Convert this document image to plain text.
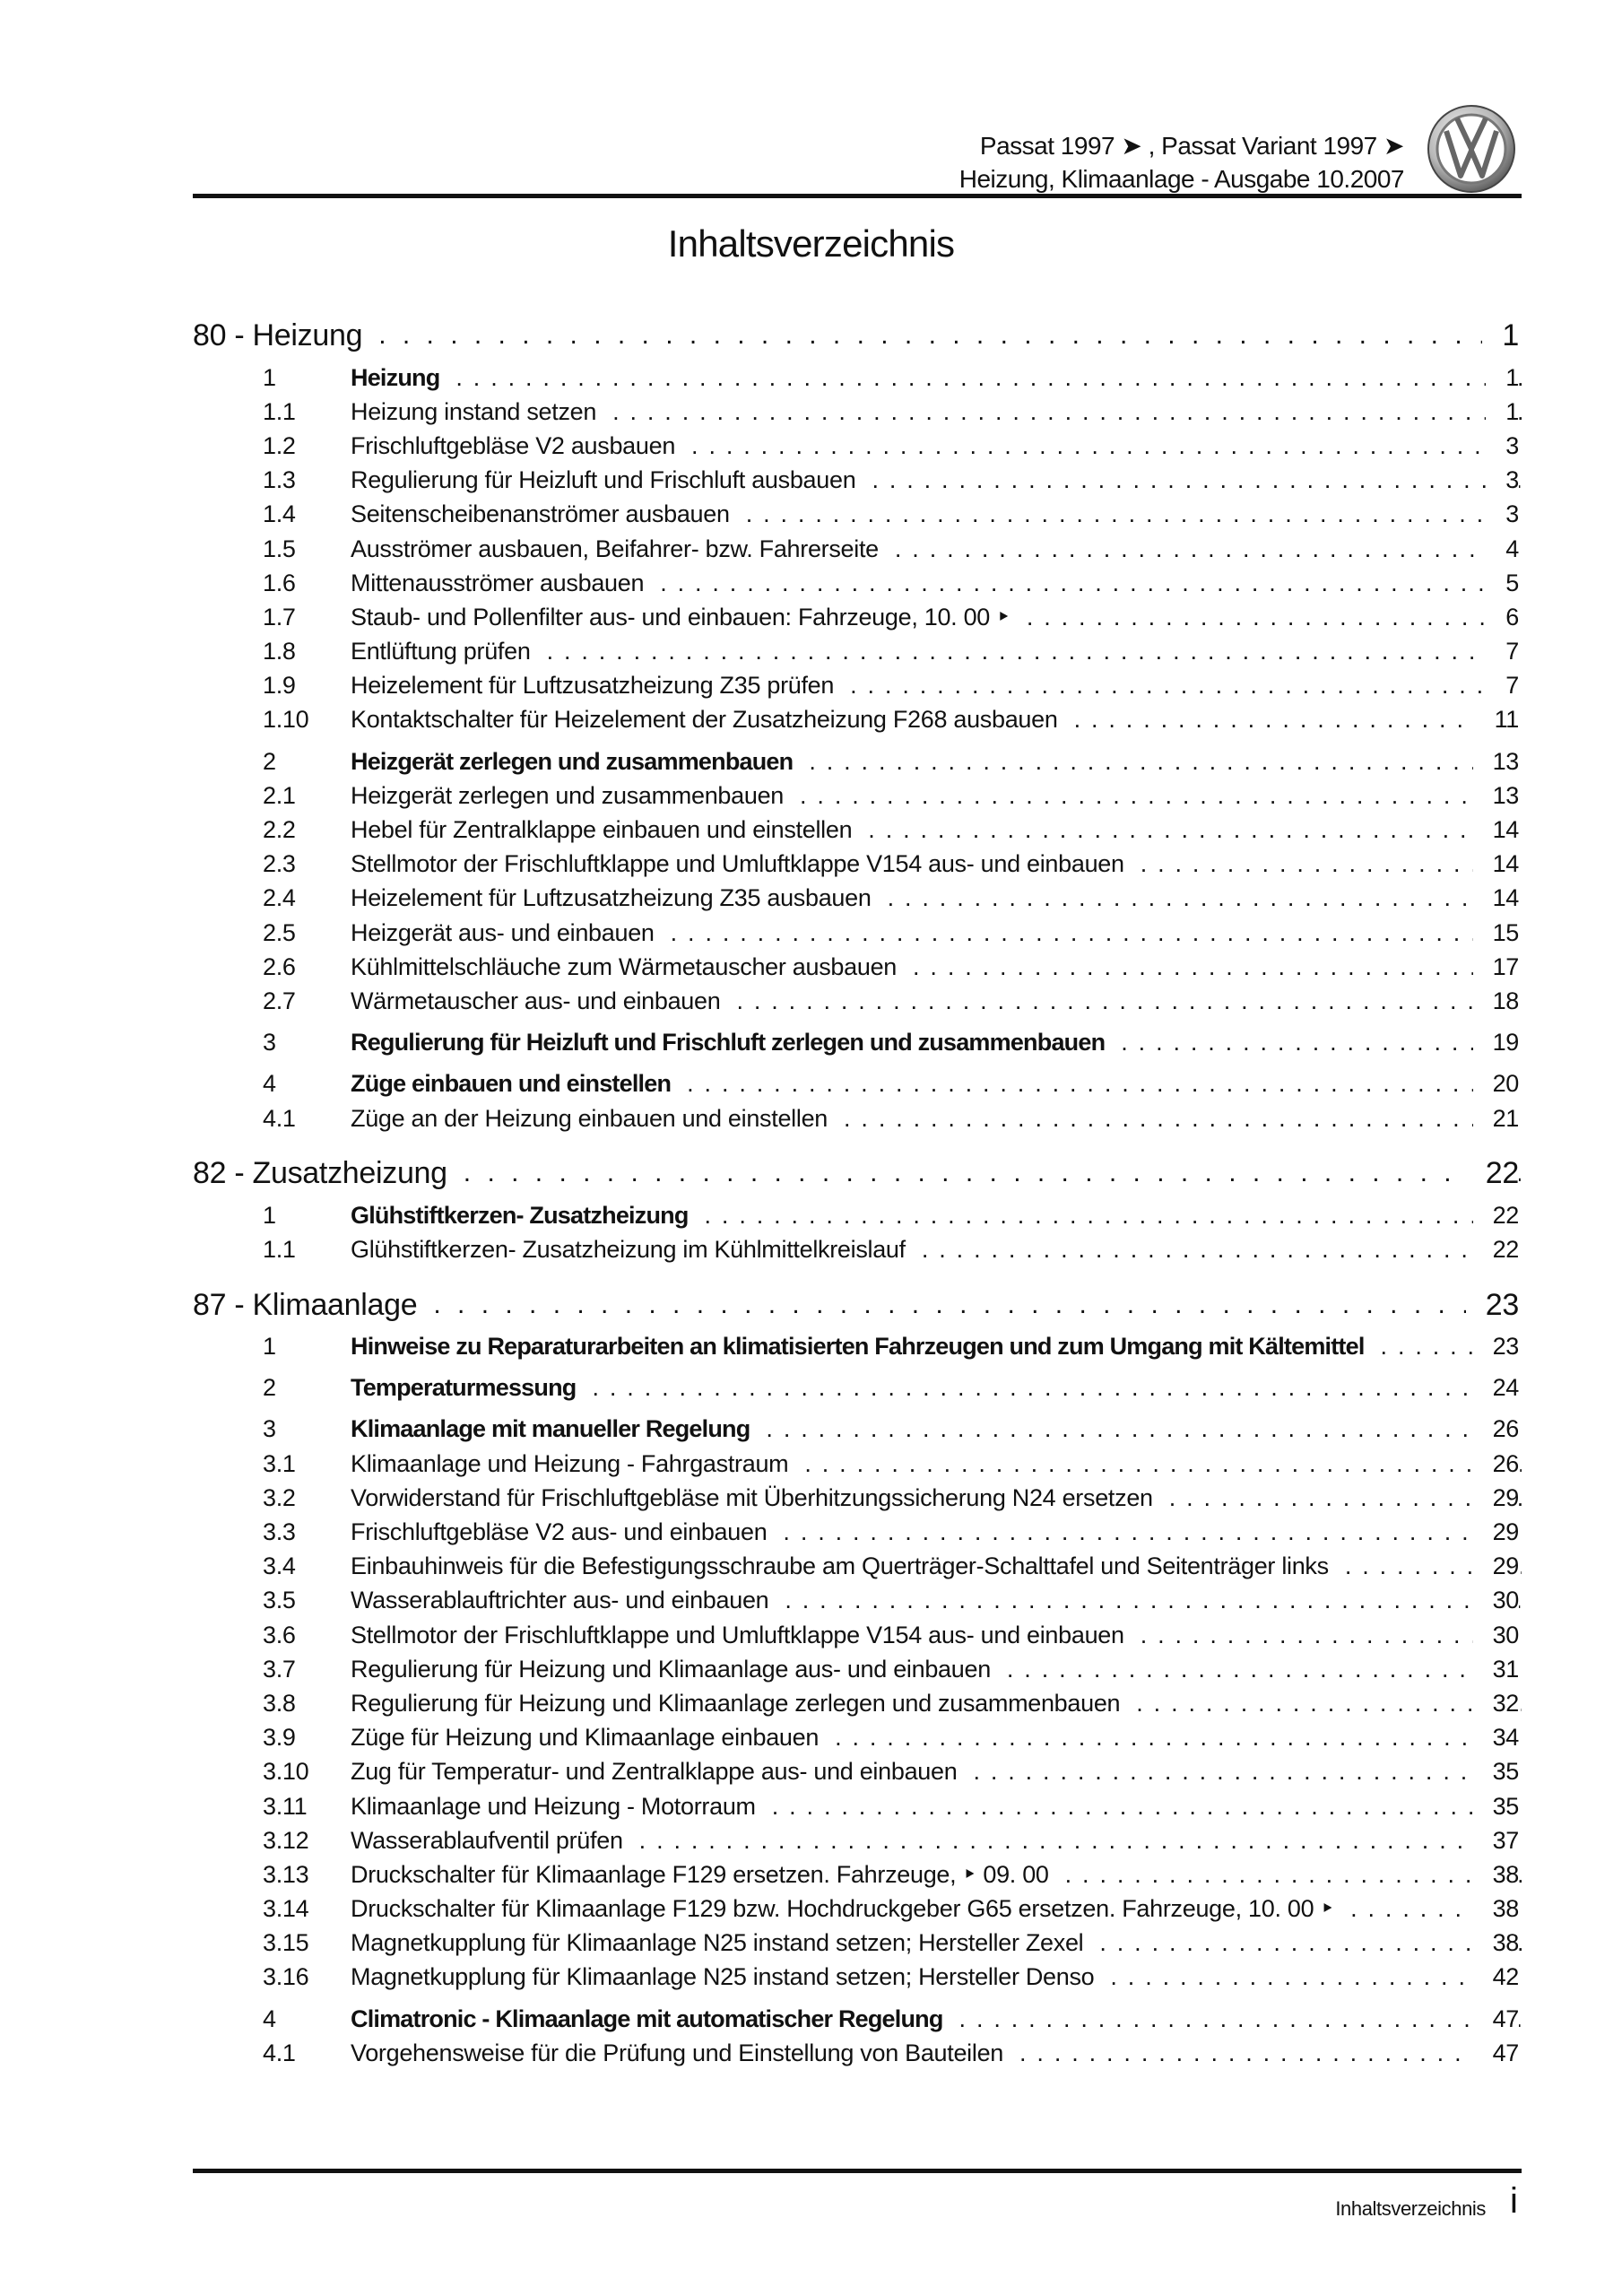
Passat 1997 ➤ , Passat Variant 1997 ➤
Heizung, Klimaanlage - Ausgabe 10.2007
Inhaltsverzeichnis
80 - Heizung . . .	1
1	Heizung . . .	1
1.1 Heizung instand setzen . . .	1
1.2 Frischluftgebläse V2 ausbauen . . .	3
1.3 Regulierung für Heizluft und Frischluft ausbauen . . .	3
1.4 Seitenscheibenanströmer ausbauen . . .	3
1.5 Ausströmer ausbauen, Beifahrer- bzw. Fahrerseite . . .	4
1.6 Mittenausströmer ausbauen . . .	5
1.7 Staub- und Pollenfilter aus- und einbauen: Fahrzeuge, 10. 00 ‣ . . .	6
1.8 Entlüftung prüfen . . .	7
1.9 Heizelement für Luftzusatzheizung Z35 prüfen . . .	7
1.10 Kontaktschalter für Heizelement der Zusatzheizung F268 ausbauen . . .	11
2	Heizgerät zerlegen und zusammenbauen . . .	13
2.1 Heizgerät zerlegen und zusammenbauen . . .	13
2.2 Hebel für Zentralklappe einbauen und einstellen . . .	14
2.3 Stellmotor der Frischluftklappe und Umluftklappe V154 aus- und einbauen . . .	14
2.4 Heizelement für Luftzusatzheizung Z35 ausbauen . . .	14
2.5 Heizgerät aus- und einbauen . . .	15
2.6 Kühlmittelschläuche zum Wärmetauscher ausbauen . . .	17
2.7 Wärmetauscher aus- und einbauen . . .	18
3	Regulierung für Heizluft und Frischluft zerlegen und zusammenbauen . . .	19
4	Züge einbauen und einstellen . . .	20
4.1 Züge an der Heizung einbauen und einstellen . . .	21
82 - Zusatzheizung . . .	22
1	Glühstiftkerzen- Zusatzheizung . . .	22
1.1 Glühstiftkerzen- Zusatzheizung im Kühlmittelkreislauf . . .	22
87 - Klimaanlage . . .	23
1	Hinweise zu Reparaturarbeiten an klimatisierten Fahrzeugen und zum Umgang mit Kältemittel . . .	23
2	Temperaturmessung . . .	24
3	Klimaanlage mit manueller Regelung . . .	26
3.1 Klimaanlage und Heizung - Fahrgastraum . . .	26
3.2 Vorwiderstand für Frischluftgebläse mit Überhitzungssicherung N24 ersetzen . . .	29
3.3 Frischluftgebläse V2 aus- und einbauen . . .	29
3.4 Einbauhinweis für die Befestigungsschraube am Querträger-Schalttafel und Seitenträger links . . .	29
3.5 Wasserablauftrichter aus- und einbauen . . .	30
3.6 Stellmotor der Frischluftklappe und Umluftklappe V154 aus- und einbauen . . .	30
3.7 Regulierung für Heizung und Klimaanlage aus- und einbauen . . .	31
3.8 Regulierung für Heizung und Klimaanlage zerlegen und zusammenbauen . . .	32
3.9 Züge für Heizung und Klimaanlage einbauen . . .	34
3.10 Zug für Temperatur- und Zentralklappe aus- und einbauen . . .	35
3.11 Klimaanlage und Heizung - Motorraum . . .	35
3.12 Wasserablaufventil prüfen . . .	37
3.13 Druckschalter für Klimaanlage F129 ersetzen. Fahrzeuge, ‣ 09. 00 . . .	38
3.14 Druckschalter für Klimaanlage F129 bzw. Hochdruckgeber G65 ersetzen. Fahrzeuge, 10. 00 ‣ . . .	38
3.15 Magnetkupplung für Klimaanlage N25 instand setzen; Hersteller Zexel . . .	38
3.16 Magnetkupplung für Klimaanlage N25 instand setzen; Hersteller Denso . . .	42
4	Climatronic - Klimaanlage mit automatischer Regelung . . .	47
4.1 Vorgehensweise für die Prüfung und Einstellung von Bauteilen . . .	47
Inhaltsverzeichnis i
